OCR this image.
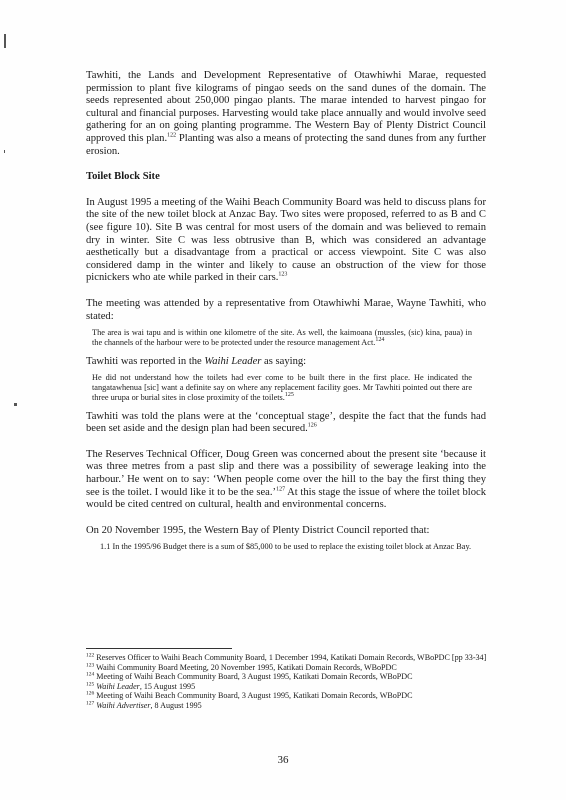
Tawhiti, the Lands and Development Representative of Otawhiwhi Marae, requested permission to plant five kilograms of pingao seeds on the sand dunes of the domain. The seeds represented about 250,000 pingao plants. The marae intended to harvest pingao for cultural and financial purposes. Harvesting would take place annually and would involve seed gathering for an on going planting programme. The Western Bay of Plenty District Council approved this plan.$^{122}$ Planting was also a means of protecting the sand dunes from any further erosion.

Toilet Block Site

In August 1995 a meeting of the Waihi Beach Community Board was held to discuss plans for the site of the new toilet block at Anzac Bay. Two sites were proposed, referred to as B and C (see figure 10). Site B was central for most users of the domain and was believed to remain dry in winter. Site C was less obtrusive than B, which was considered an advantage aesthetically but a disadvantage from a practical or access viewpoint. Site C was also considered damp in the winter and likely to cause an obstruction of the view for those picnickers who ate while parked in their cars.$^{123}$

The meeting was attended by a representative from Otawhiwhi Marae, Wayne Tawhiti, who stated:

The area is wai tapu and is within one kilometre of the site. As well, the kaimoana (mussles, (sic) kina, paua) in the channels of the harbour were to be protected under the resource management Act.$^{124}$

Tawhiti was reported in the Waihi Leader as saying:

He did not understand how the toilets had ever come to be built there in the first place. He indicated the tangatawhenua [sic] want a definite say on where any replacement facility goes. Mr Tawhiti pointed out there are three urupa or burial sites in close proximity of the toilets.$^{125}$

Tawhiti was told the plans were at the ‘conceptual stage’, despite the fact that the funds had been set aside and the design plan had been secured.$^{126}$

The Reserves Technical Officer, Doug Green was concerned about the present site ‘because it was three metres from a past slip and there was a possibility of sewerage leaking into the harbour.’ He went on to say: ‘When people come over the hill to the bay the first thing they see is the toilet. I would like it to be the sea.’$^{127}$ At this stage the issue of where the toilet block would be cited centred on cultural, health and environmental concerns.

On 20 November 1995, the Western Bay of Plenty District Council reported that:

1.1 In the 1995/96 Budget there is a sum of $85,000 to be used to replace the existing toilet block at Anzac Bay.

$^{122}$ Reserves Officer to Waihi Beach Community Board, 1 December 1994, Katikati Domain Records, WBoPDC [pp 33-34]

$^{123}$ Waihi Community Board Meeting, 20 November 1995, Katikati Domain Records, WBoPDC

$^{124}$ Meeting of Waihi Beach Community Board, 3 August 1995, Katikati Domain Records, WBoPDC

$^{125}$ Waihi Leader, 15 August 1995

$^{126}$ Meeting of Waihi Beach Community Board, 3 August 1995, Katikati Domain Records, WBoPDC

$^{127}$ Waihi Advertiser, 8 August 1995

36
